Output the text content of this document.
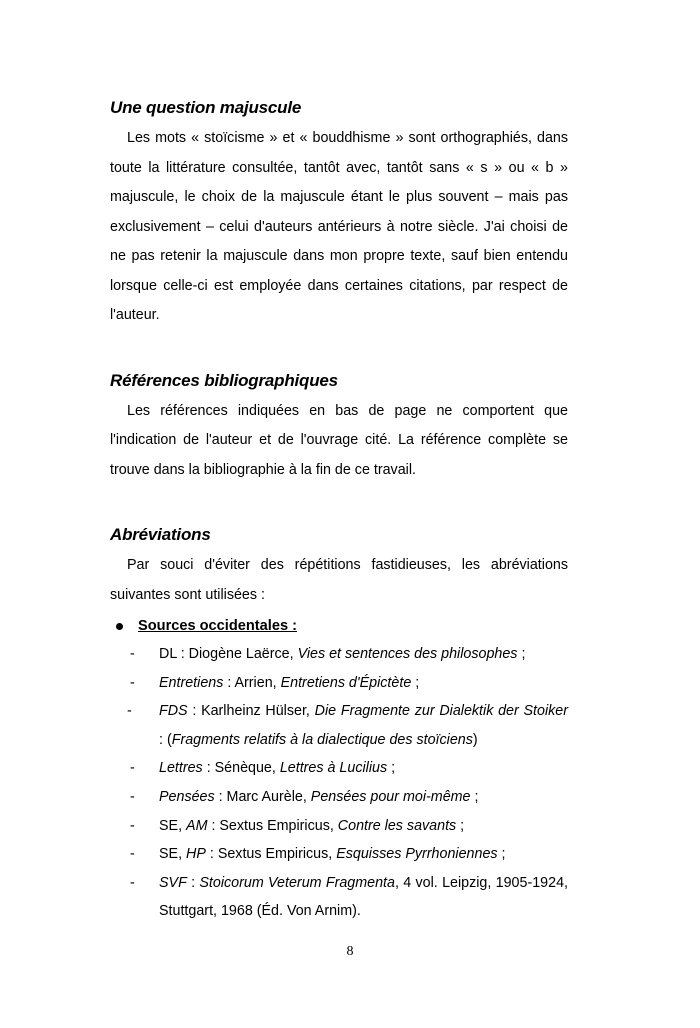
Une question majuscule

Les mots « stoïcisme » et « bouddhisme » sont orthographiés, dans toute la littérature consultée, tantôt avec, tantôt sans « s » ou « b » majuscule, le choix de la majuscule étant le plus souvent – mais pas exclusivement – celui d'auteurs antérieurs à notre siècle. J'ai choisi de ne pas retenir la majuscule dans mon propre texte, sauf bien entendu lorsque celle-ci est employée dans certaines citations, par respect de l'auteur.

Références bibliographiques

Les références indiquées en bas de page ne comportent que l'indication de l'auteur et de l'ouvrage cité. La référence complète se trouve dans la bibliographie à la fin de ce travail.

Abréviations

Par souci d'éviter des répétitions fastidieuses, les abréviations suivantes sont utilisées :

Sources occidentales :
- DL : Diogène Laërce, Vies et sentences des philosophes ;
- Entretiens : Arrien, Entretiens d'Épictète ;
- FDS : Karlheinz Hülser, Die Fragmente zur Dialektik der Stoiker : (Fragments relatifs à la dialectique des stoïciens)
- Lettres : Sénèque, Lettres à Lucilius ;
- Pensées : Marc Aurèle, Pensées pour moi-même ;
- SE, AM : Sextus Empiricus, Contre les savants ;
- SE, HP : Sextus Empiricus, Esquisses Pyrrhoniennes ;
- SVF : Stoicorum Veterum Fragmenta, 4 vol. Leipzig, 1905-1924, Stuttgart, 1968 (Éd. Von Arnim).
8
